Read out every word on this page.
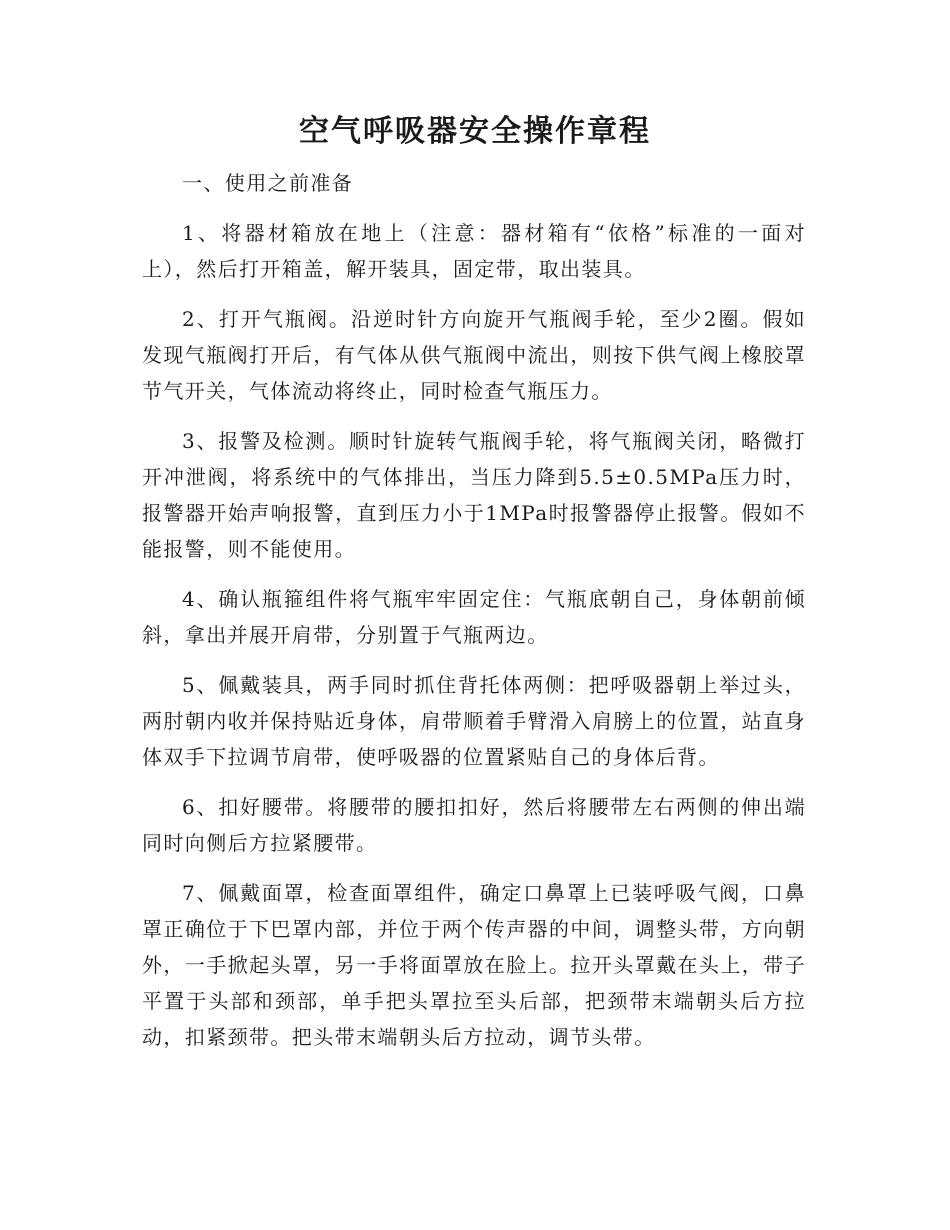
空气呼吸器安全操作章程

一、使用之前准备

1、将器材箱放在地上（注意：器材箱有“依格”标准的一面对上），然后打开箱盖，解开装具，固定带，取出装具。

2、打开气瓶阀。沿逆时针方向旋开气瓶阀手轮，至少2圈。假如发现气瓶阀打开后，有气体从供气瓶阀中流出，则按下供气阀上橡胶罩节气开关，气体流动将终止，同时检查气瓶压力。

3、报警及检测。顺时针旋转气瓶阀手轮，将气瓶阀关闭，略微打开冲泄阀，将系统中的气体排出，当压力降到5.5±0.5MPa压力时，报警器开始声响报警，直到压力小于1MPa时报警器停止报警。假如不能报警，则不能使用。

4、确认瓶箍组件将气瓶牢牢固定住：气瓶底朝自己，身体朝前倾斜，拿出并展开肩带，分别置于气瓶两边。

5、佩戴装具，两手同时抓住背托体两侧：把呼吸器朝上举过头，两肘朝内收并保持贴近身体，肩带顺着手臂滑入肩膀上的位置，站直身体双手下拉调节肩带，使呼吸器的位置紧贴自己的身体后背。

6、扣好腰带。将腰带的腰扣扣好，然后将腰带左右两侧的伸出端同时向侧后方拉紧腰带。

7、佩戴面罩，检查面罩组件，确定口鼻罩上已装呼吸气阀，口鼻罩正确位于下巴罩内部，并位于两个传声器的中间，调整头带，方向朝外，一手掀起头罩，另一手将面罩放在脸上。拉开头罩戴在头上，带子平置于头部和颈部，单手把头罩拉至头后部，把颈带末端朝头后方拉动，扣紧颈带。把头带末端朝头后方拉动，调节头带。
